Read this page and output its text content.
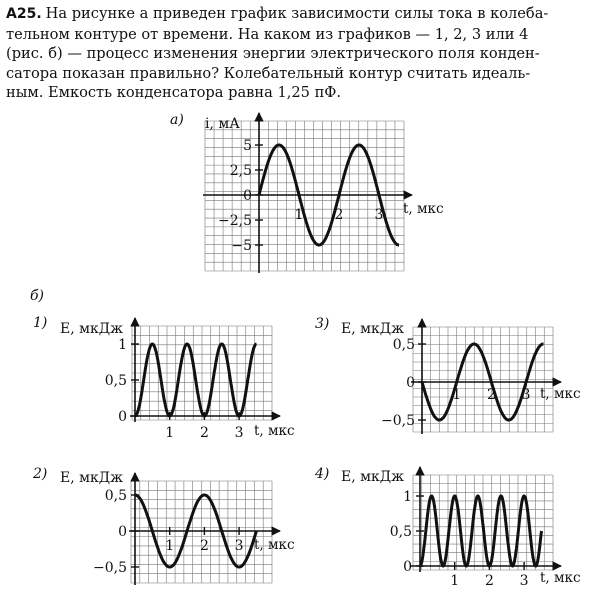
А25. На рисунке а приведен график зависимости силы тока в колеба-
тельном контуре от времени. На каком из графиков — 1, 2, 3 или 4
(рис. б) — процесс изменения энергии электрического поля конден-
сатора показан правильно? Колебательный контур считать идеаль-
ным. Емкость конденсатора равна 1,25 пФ.
5
2,5
0
−2,5
−5
1 2 3
а) i, мА
t, мкс
б)
1
0,5
0
1 2 3
1) E, мкДж
t, мкс
0,5
0
−0,5
1 2 3
3) E, мкДж
t, мкс
0,5
0
−0,5
1 2 3
2) E, мкДж
t, мкс
1
0,5
0
1 2 3
4) E, мкДж
t, мкс
